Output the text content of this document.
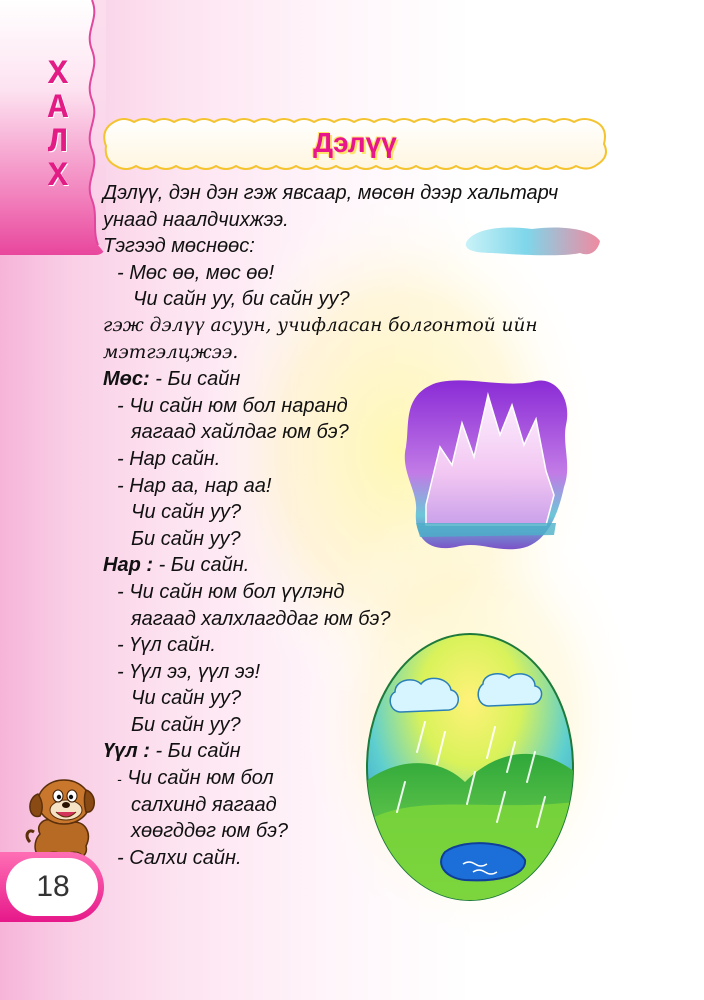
Х
А
Л
Х
Дэлүү
Дэлүү, дэн дэн гэж явсаар, мөсөн дээр хальтарч
унаад наалдчихжээ.
Тэгээд мөснөөс:
- Мөс өө, мөс өө!
Чи сайн уу, би сайн уу?
гэж дэлүү асуун, учифласан болгонтой ийн
мэтгэлцжээ.
Мөс: - Би сайн
- Чи сайн юм бол наранд
яагаад хайлдаг юм бэ?
- Нар сайн.
- Нар аа, нар аа!
Чи сайн уу?
Би сайн уу?
Нар : - Би сайн.
- Чи сайн юм бол үүлэнд
яагаад халхлагддаг юм бэ?
- Үүл сайн.
- Үүл ээ, үүл ээ!
Чи сайн уу?
Би сайн уу?
Үүл : - Би сайн
- Чи сайн юм бол
салхинд яагаад
хөөгддөг юм бэ?
- Салхи сайн.
18
